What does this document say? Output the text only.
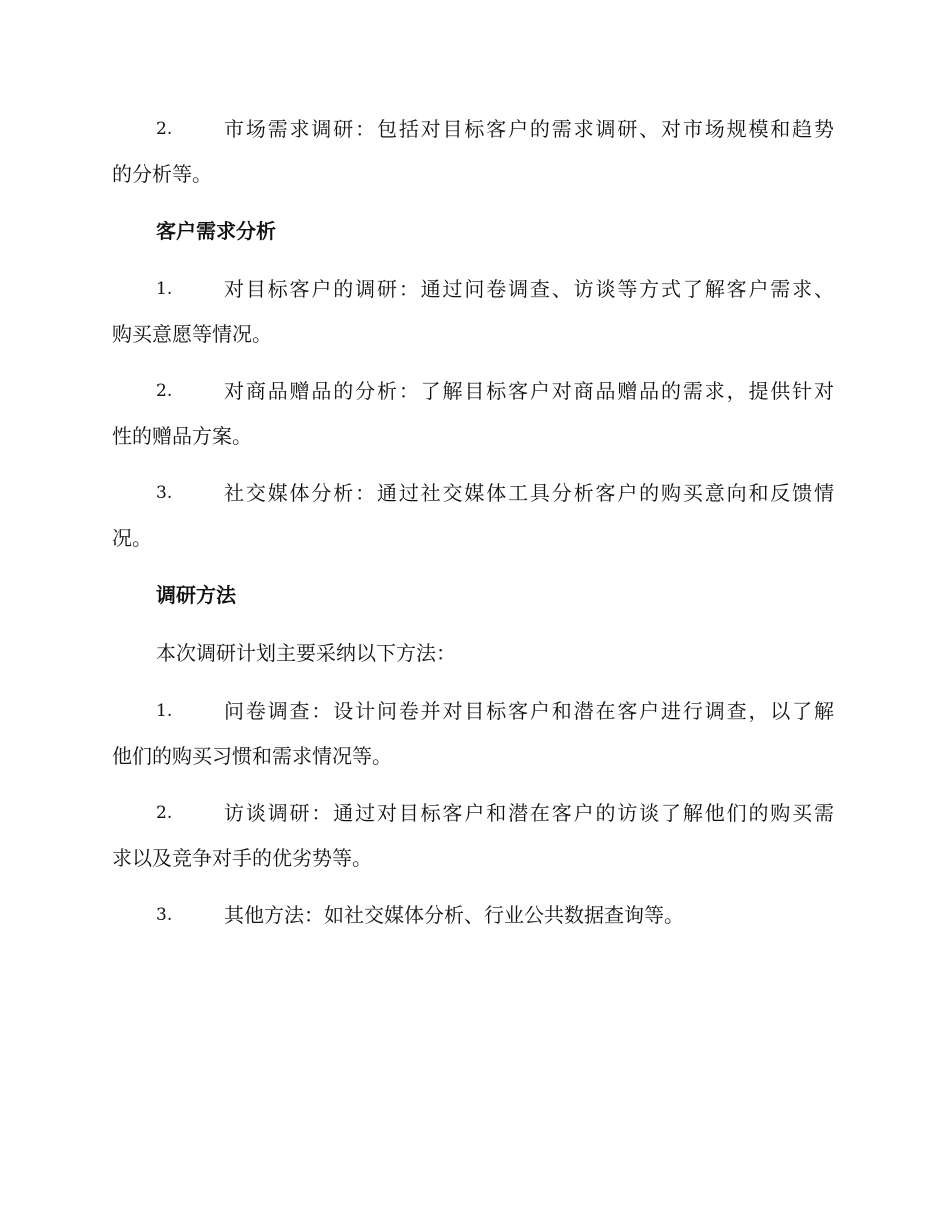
2.	市场需求调研：包括对目标客户的需求调研、对市场规模和趋势
的分析等。
客户需求分析
1.	对目标客户的调研：通过问卷调查、访谈等方式了解客户需求、
购买意愿等情况。
2.	对商品赠品的分析：了解目标客户对商品赠品的需求，提供针对
性的赠品方案。
3.	社交媒体分析：通过社交媒体工具分析客户的购买意向和反馈情
况。
调研方法
本次调研计划主要采纳以下方法：
1.	问卷调查：设计问卷并对目标客户和潜在客户进行调查，以了解
他们的购买习惯和需求情况等。
2.	访谈调研：通过对目标客户和潜在客户的访谈了解他们的购买需
求以及竞争对手的优劣势等。
3.	其他方法：如社交媒体分析、行业公共数据查询等。
